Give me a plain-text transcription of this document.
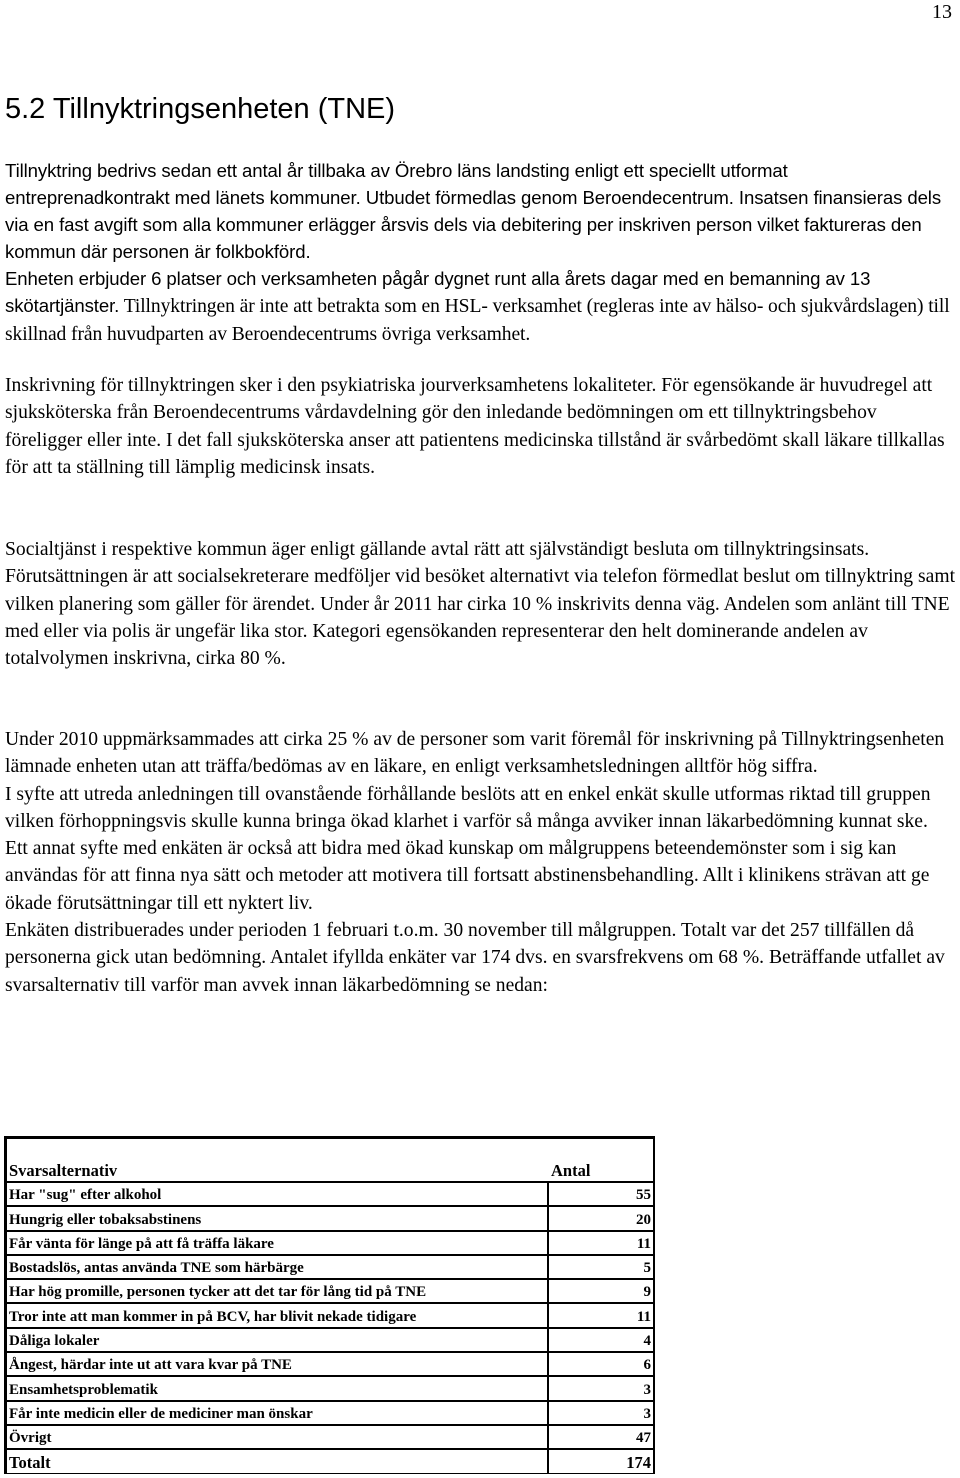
13
5.2 Tillnyktringsenheten (TNE)

Tillnyktring bedrivs sedan ett antal år tillbaka av Örebro läns landsting enligt ett speciellt utformat entreprenadkontrakt med länets kommuner. Utbudet förmedlas genom Beroendecentrum. Insatsen finansieras dels via en fast avgift som alla kommuner erlägger årsvis dels via debitering per inskriven person vilket faktureras den kommun där personen är folkbokförd.

Enheten erbjuder 6 platser och verksamheten pågår dygnet runt alla årets dagar med en bemanning av 13 skötartjänster. Tillnyktringen är inte att betrakta som en HSL- verksamhet (regleras inte av hälso- och sjukvårdslagen) till skillnad från huvudparten av Beroendecentrums övriga verksamhet.

Inskrivning för tillnyktringen sker i den psykiatriska jourverksamhetens lokaliteter. För egensökande är huvudregel att sjuksköterska från Beroendecentrums vårdavdelning gör den inledande bedömningen om ett tillnyktringsbehov föreligger eller inte. I det fall sjuksköterska anser att patientens medicinska tillstånd är svårbedömt skall läkare tillkallas för att ta ställning till lämplig medicinsk insats.

Socialtjänst i respektive kommun äger enligt gällande avtal rätt att självständigt besluta om tillnyktringsinsats. Förutsättningen är att socialsekreterare medföljer vid besöket alternativt via telefon förmedlat beslut om tillnyktring samt vilken planering som gäller för ärendet. Under år 2011 har cirka 10 % inskrivits denna väg. Andelen som anlänt till TNE med eller via polis är ungefär lika stor. Kategori egensökanden representerar den helt dominerande andelen av totalvolymen inskrivna, cirka 80 %.

Under 2010 uppmärksammades att cirka 25 % av de personer som varit föremål för inskrivning på Tillnyktringsenheten lämnade enheten utan att träffa/bedömas av en läkare, en enligt verksamhetsledningen alltför hög siffra.

I syfte att utreda anledningen till ovanstående förhållande beslöts att en enkel enkät skulle utformas riktad till gruppen vilken förhoppningsvis skulle kunna bringa ökad klarhet i varför så många avviker innan läkarbedömning kunnat ske. Ett annat syfte med enkäten är också att bidra med ökad kunskap om målgruppens beteendemönster som i sig kan användas för att finna nya sätt och metoder att motivera till fortsatt abstinensbehandling. Allt i klinikens strävan att ge ökade förutsättningar till ett nyktert liv.

Enkäten distribuerades under perioden 1 februari t.o.m. 30 november till målgruppen. Totalt var det 257 tillfällen då personerna gick utan bedömning. Antalet ifyllda enkäter var 174 dvs. en svarsfrekvens om 68 %. Beträffande utfallet av svarsalternativ till varför man avvek innan läkarbedömning se nedan:

Svarsalternativ	Antal
Har "sug" efter alkohol	55
Hungrig eller tobaksabstinens	20
Får vänta för länge på att få träffa läkare	11
Bostadslös, antas använda TNE som härbärge	5
Har hög promille, personen tycker att det tar för lång tid på TNE	9
Tror inte att man kommer in på BCV, har blivit nekade tidigare	11
Dåliga lokaler	4
Ångest, härdar inte ut att vara kvar på TNE	6
Ensamhetsproblematik	3
Får inte medicin eller de mediciner man önskar	3
Övrigt	47
Totalt	174
